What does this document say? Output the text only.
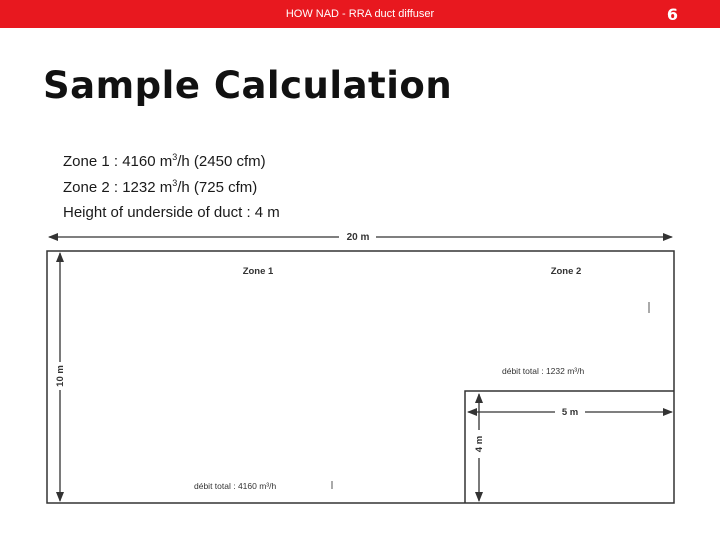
HOW NAD - RRA duct diffuser	6
Sample Calculation
Zone 1 : 4160 $m^3/h$ (2450 cfm)
Zone 2 : 1232 $m^3/h$ (725 cfm)
Height of underside of duct : 4 m
20 m
10 m
Zone 1	Zone 2
débit total : 1232 m³/h
débit total : 4160 m³/h
5 m
4 m
